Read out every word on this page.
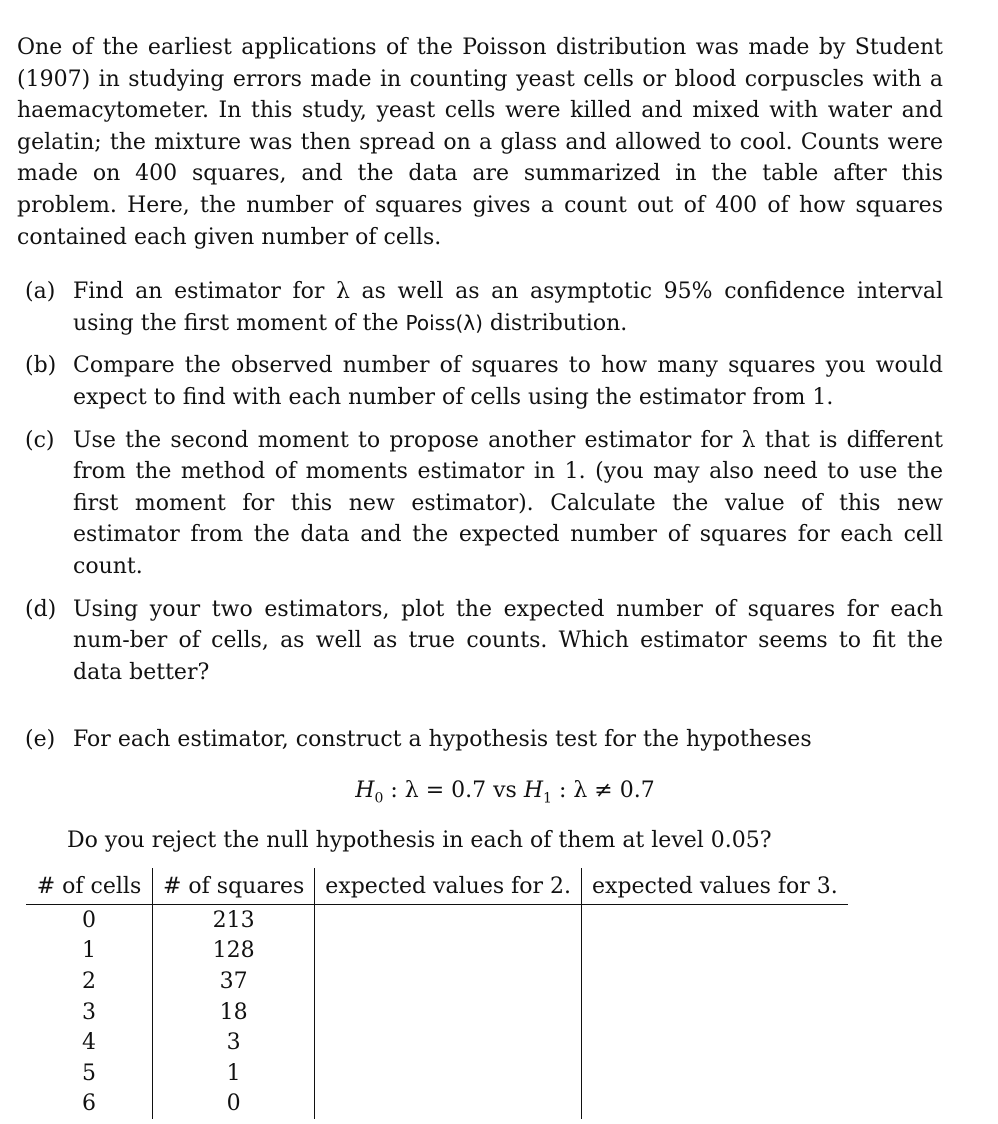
One of the earliest applications of the Poisson distribution was made by Student (1907) in studying errors made in counting yeast cells or blood corpuscles with a haemacytometer. In this study, yeast cells were killed and mixed with water and gelatin; the mixture was then spread on a glass and allowed to cool. Counts were made on 400 squares, and the data are summarized in the table after this problem. Here, the number of squares gives a count out of 400 of how squares contained each given number of cells.

(a) Find an estimator for λ as well as an asymptotic 95% confidence interval using the first moment of the Poiss(λ) distribution.
(b) Compare the observed number of squares to how many squares you would expect to find with each number of cells using the estimator from 1.
(c) Use the second moment to propose another estimator for λ that is different from the method of moments estimator in 1. (you may also need to use the first moment for this new estimator). Calculate the value of this new estimator from the data and the expected number of squares for each cell count.
(d) Using your two estimators, plot the expected number of squares for each num-ber of cells, as well as true counts. Which estimator seems to fit the data better?
(e) For each estimator, construct a hypothesis test for the hypotheses
$H_0$ : λ = 0.7 vs $H_1$ : λ ≠ 0.7
Do you reject the null hypothesis in each of them at level 0.05?
# of cells	# of squares	expected values for 2.	expected values for 3.
0	213		
1	128		
2	37		
3	18		
4	3		
5	1		
6	0		
